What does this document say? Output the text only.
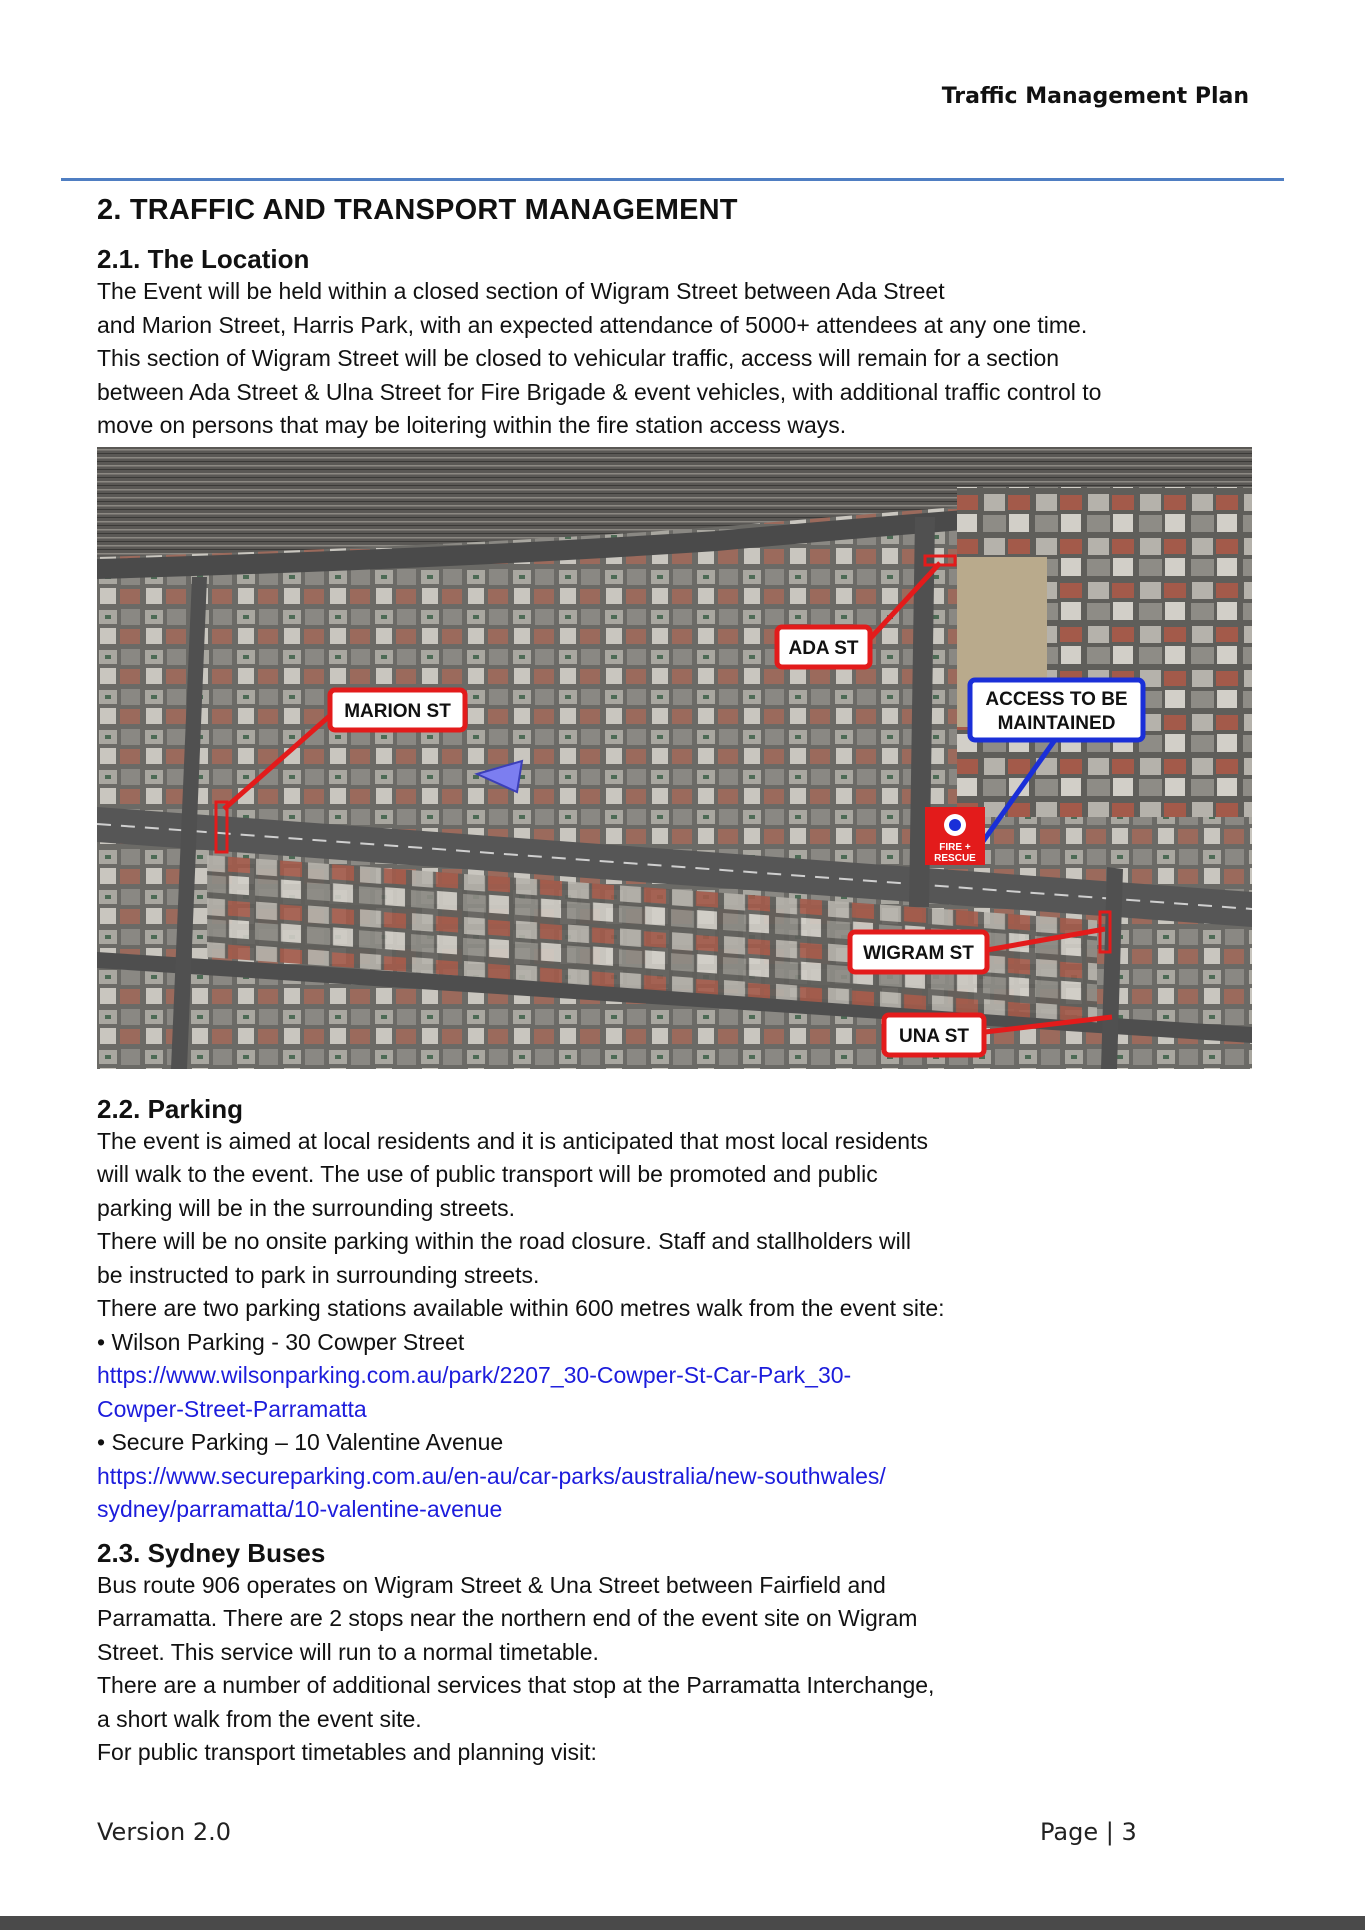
Traffic Management Plan
2. TRAFFIC AND TRANSPORT MANAGEMENT
2.1. The Location

The Event will be held within a closed section of Wigram Street between Ada Street

and Marion Street, Harris Park, with an expected attendance of 5000+ attendees at any one time.

This section of Wigram Street will be closed to vehicular traffic, access will remain for a section

between Ada Street & Ulna Street for Fire Brigade & event vehicles, with additional traffic control to

move on persons that may be loitering within the fire station access ways.

FIRE +
RESCUE
ADA ST
MARION ST
ACCESS TO BE
MAINTAINED
WIGRAM ST
UNA ST
2.2. Parking

The event is aimed at local residents and it is anticipated that most local residents

will walk to the event. The use of public transport will be promoted and public

parking will be in the surrounding streets.

There will be no onsite parking within the road closure. Staff and stallholders will

be instructed to park in surrounding streets.

There are two parking stations available within 600 metres walk from the event site:

• Wilson Parking - 30 Cowper Street

https://www.wilsonparking.com.au/park/2207_30-Cowper-St-Car-Park_30-

Cowper-Street-Parramatta

• Secure Parking – 10 Valentine Avenue

https://www.secureparking.com.au/en-au/car-parks/australia/new-southwales/

sydney/parramatta/10-valentine-avenue

2.3. Sydney Buses

Bus route 906 operates on Wigram Street & Una Street between Fairfield and

Parramatta. There are 2 stops near the northern end of the event site on Wigram

Street. This service will run to a normal timetable.

There are a number of additional services that stop at the Parramatta Interchange,

a short walk from the event site.

For public transport timetables and planning visit:

Version 2.0	Page | 3
